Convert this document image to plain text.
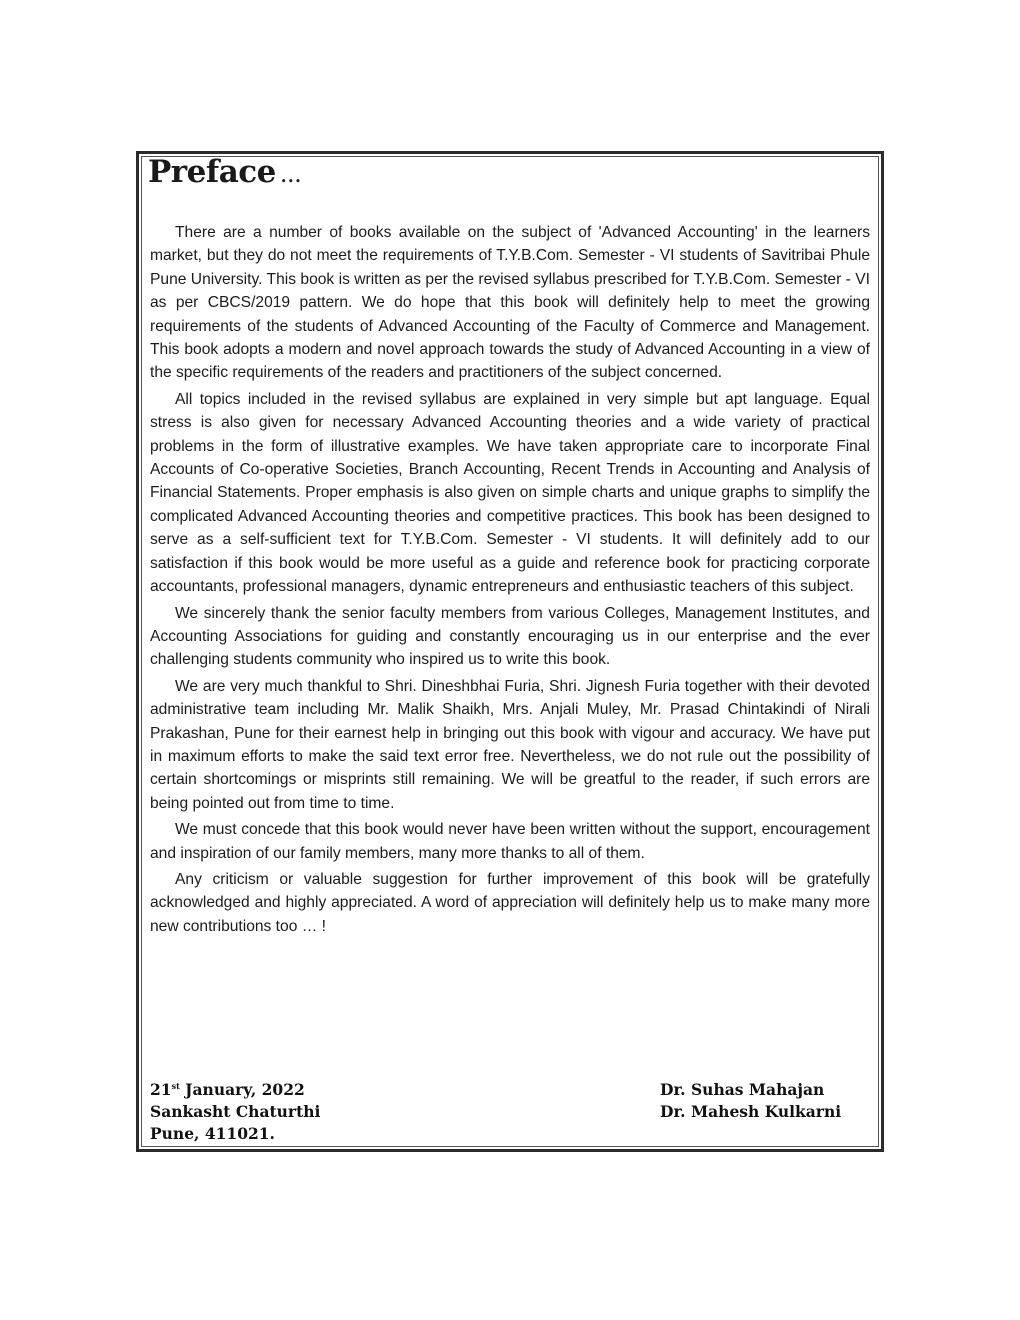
Preface ...

There are a number of books available on the subject of 'Advanced Accounting' in the learners market, but they do not meet the requirements of T.Y.B.Com. Semester - VI students of Savitribai Phule Pune University. This book is written as per the revised syllabus prescribed for T.Y.B.Com. Semester - VI as per CBCS/2019 pattern. We do hope that this book will definitely help to meet the growing requirements of the students of Advanced Accounting of the Faculty of Commerce and Management. This book adopts a modern and novel approach towards the study of Advanced Accounting in a view of the specific requirements of the readers and practitioners of the subject concerned.

All topics included in the revised syllabus are explained in very simple but apt language. Equal stress is also given for necessary Advanced Accounting theories and a wide variety of practical problems in the form of illustrative examples. We have taken appropriate care to incorporate Final Accounts of Co-operative Societies, Branch Accounting, Recent Trends in Accounting and Analysis of Financial Statements. Proper emphasis is also given on simple charts and unique graphs to simplify the complicated Advanced Accounting theories and competitive practices. This book has been designed to serve as a self-sufficient text for T.Y.B.Com. Semester - VI students. It will definitely add to our satisfaction if this book would be more useful as a guide and reference book for practicing corporate accountants, professional managers, dynamic entrepreneurs and enthusiastic teachers of this subject.

We sincerely thank the senior faculty members from various Colleges, Management Institutes, and Accounting Associations for guiding and constantly encouraging us in our enterprise and the ever challenging students community who inspired us to write this book.

We are very much thankful to Shri. Dineshbhai Furia, Shri. Jignesh Furia together with their devoted administrative team including Mr. Malik Shaikh, Mrs. Anjali Muley, Mr. Prasad Chintakindi of Nirali Prakashan, Pune for their earnest help in bringing out this book with vigour and accuracy. We have put in maximum efforts to make the said text error free. Nevertheless, we do not rule out the possibility of certain shortcomings or misprints still remaining. We will be greatful to the reader, if such errors are being pointed out from time to time.

We must concede that this book would never have been written without the support, encouragement and inspiration of our family members, many more thanks to all of them.

Any criticism or valuable suggestion for further improvement of this book will be gratefully acknowledged and highly appreciated. A word of appreciation will definitely help us to make many more new contributions too … !

21st January, 2022
Sankasht Chaturthi
Pune, 411021.
Dr. Suhas Mahajan
Dr. Mahesh Kulkarni
